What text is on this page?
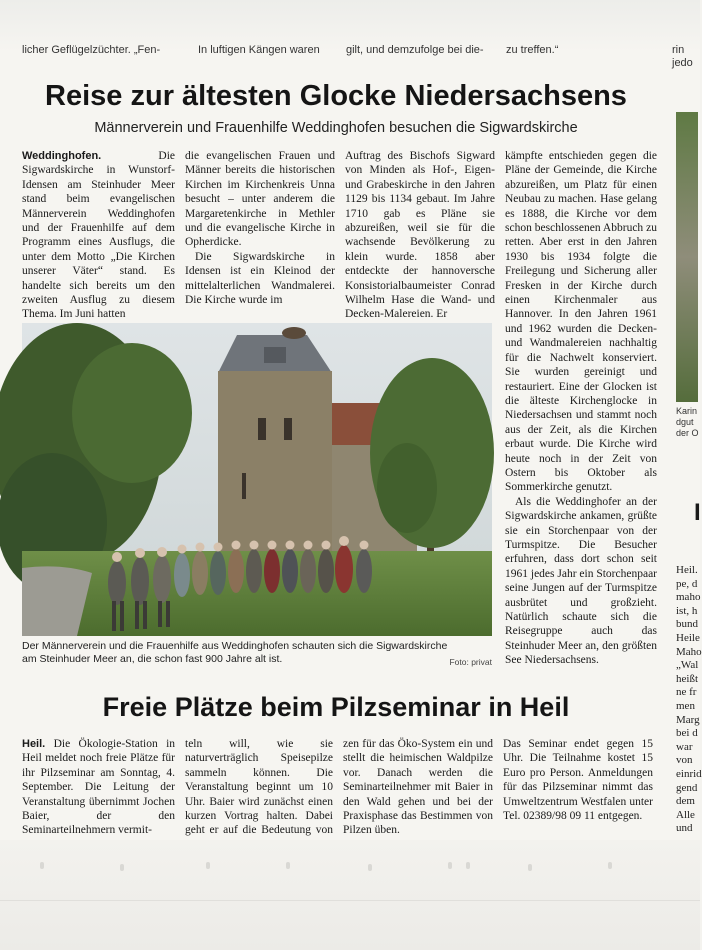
licher Geflügelzüchter. „Fen-	In luftigen Kängen waren gilt, und demzufolge bei die- zu treffen.“
Reise zur ältesten Glocke Niedersachsens
Männerverein und Frauenhilfe Weddinghofen besuchen die Sigwardskirche

Weddinghofen.	Die Sigwardskirche in Wunstorf-Idensen am Steinhuder Meer stand beim evangelischen Männerverein Weddinghofen und der Frauenhilfe auf dem Programm eines Ausflugs, die unter dem Motto „Die Kirchen unserer Väter“ stand. Es handelte sich bereits um den zweiten Ausflug zu diesem Thema. Im Juni hatten

die evangelischen Frauen und Männer bereits die historischen Kirchen im Kirchenkreis Unna besucht – unter anderem die Margaretenkirche in Methler und die evangelische Kirche in Opherdicke.

Die Sigwardskirche in Idensen ist ein Kleinod der mittelalterlichen Wandmalerei. Die Kirche wurde im

Auftrag des Bischofs Sigward von Minden als Hof-, Eigen- und Grabeskirche in den Jahren 1129 bis 1134 gebaut. Im Jahre 1710 gab es Pläne sie abzureißen, weil sie für die wachsende Bevölkerung zu klein wurde. 1858 aber entdeckte der hannoversche Konsistorialbaumeister Conrad Wilhelm Hase die Wand- und Decken-Malereien. Er

kämpfte entschieden gegen die Pläne der Gemeinde, die Kirche abzureißen, um Platz für einen Neubau zu machen. Hase gelang es 1888, die Kirche vor dem schon beschlossenen Abbruch zu retten. Aber erst in den Jahren 1930 bis 1934 folgte die Freilegung und Sicherung aller Fresken in der Kirche durch einen Kirchenmaler aus Hannover. In den Jahren 1961 und 1962 wurden die Decken- und Wandmalereien nachhaltig für die Nachwelt konserviert. Sie wurden gereinigt und restauriert. Eine der Glocken ist die älteste Kirchenglocke in Niedersachsen und stammt noch aus der Zeit, als die Kirchen erbaut wurde. Die Kirche wird heute noch in der Zeit von Ostern bis Oktober als Sommerkirche genutzt.

Als die Weddinghofer an der Sigwardskirche ankamen, grüßte sie ein Storchenpaar von der Turmspitze. Die Besucher erfuhren, dass dort schon seit 1961 jedes Jahr ein Storchenpaar seine Jungen auf der Turmspitze ausbrütet und großzieht. Natürlich schaute sich die Reisegruppe auch das Steinhuder Meer an, den größten See Niedersachsens.

Der Männerverein und die Frauenhilfe aus Weddinghofen schauten sich die Sigwardskirche am Steinhuder Meer an, die schon fast 900 Jahre alt ist.	Foto: privat
Freie Plätze beim Pilzseminar in Heil

Heil. Die Ökologie-Station in Heil meldet noch freie Plätze für ihr Pilzseminar am Sonntag, 4. September. Die Leitung der Veranstaltung übernimmt Jochen Baier, der den Seminarteilnehmern vermit-

teln will, wie sie naturverträglich Speisepilze sammeln können. Die Veranstaltung beginnt um 10 Uhr. Baier wird zunächst einen kurzen Vortrag halten. Dabei geht er auf die Bedeutung von

zen für das Öko-System ein und stellt die heimischen Waldpilze vor. Danach werden die Seminarteilnehmer mit Baier in den Wald gehen und bei der Praxisphase das Bestimmen von Pilzen üben.

Das Seminar endet gegen 15 Uhr. Die Teilnahme kostet 15 Euro pro Person. Anmeldungen für das Pilzseminar nimmt das Umweltzentrum Westfalen unter Tel. 02389/98 09 11 entgegen.

rin
jedo
Karin
dgut
der O
I
Heil.
pe, d
maho
ist, h
bund
Heile
Maho
„Wal
heißt
ne fr
men
Marg
bei d
war
von
einrid
gend
dem
Alle
und
